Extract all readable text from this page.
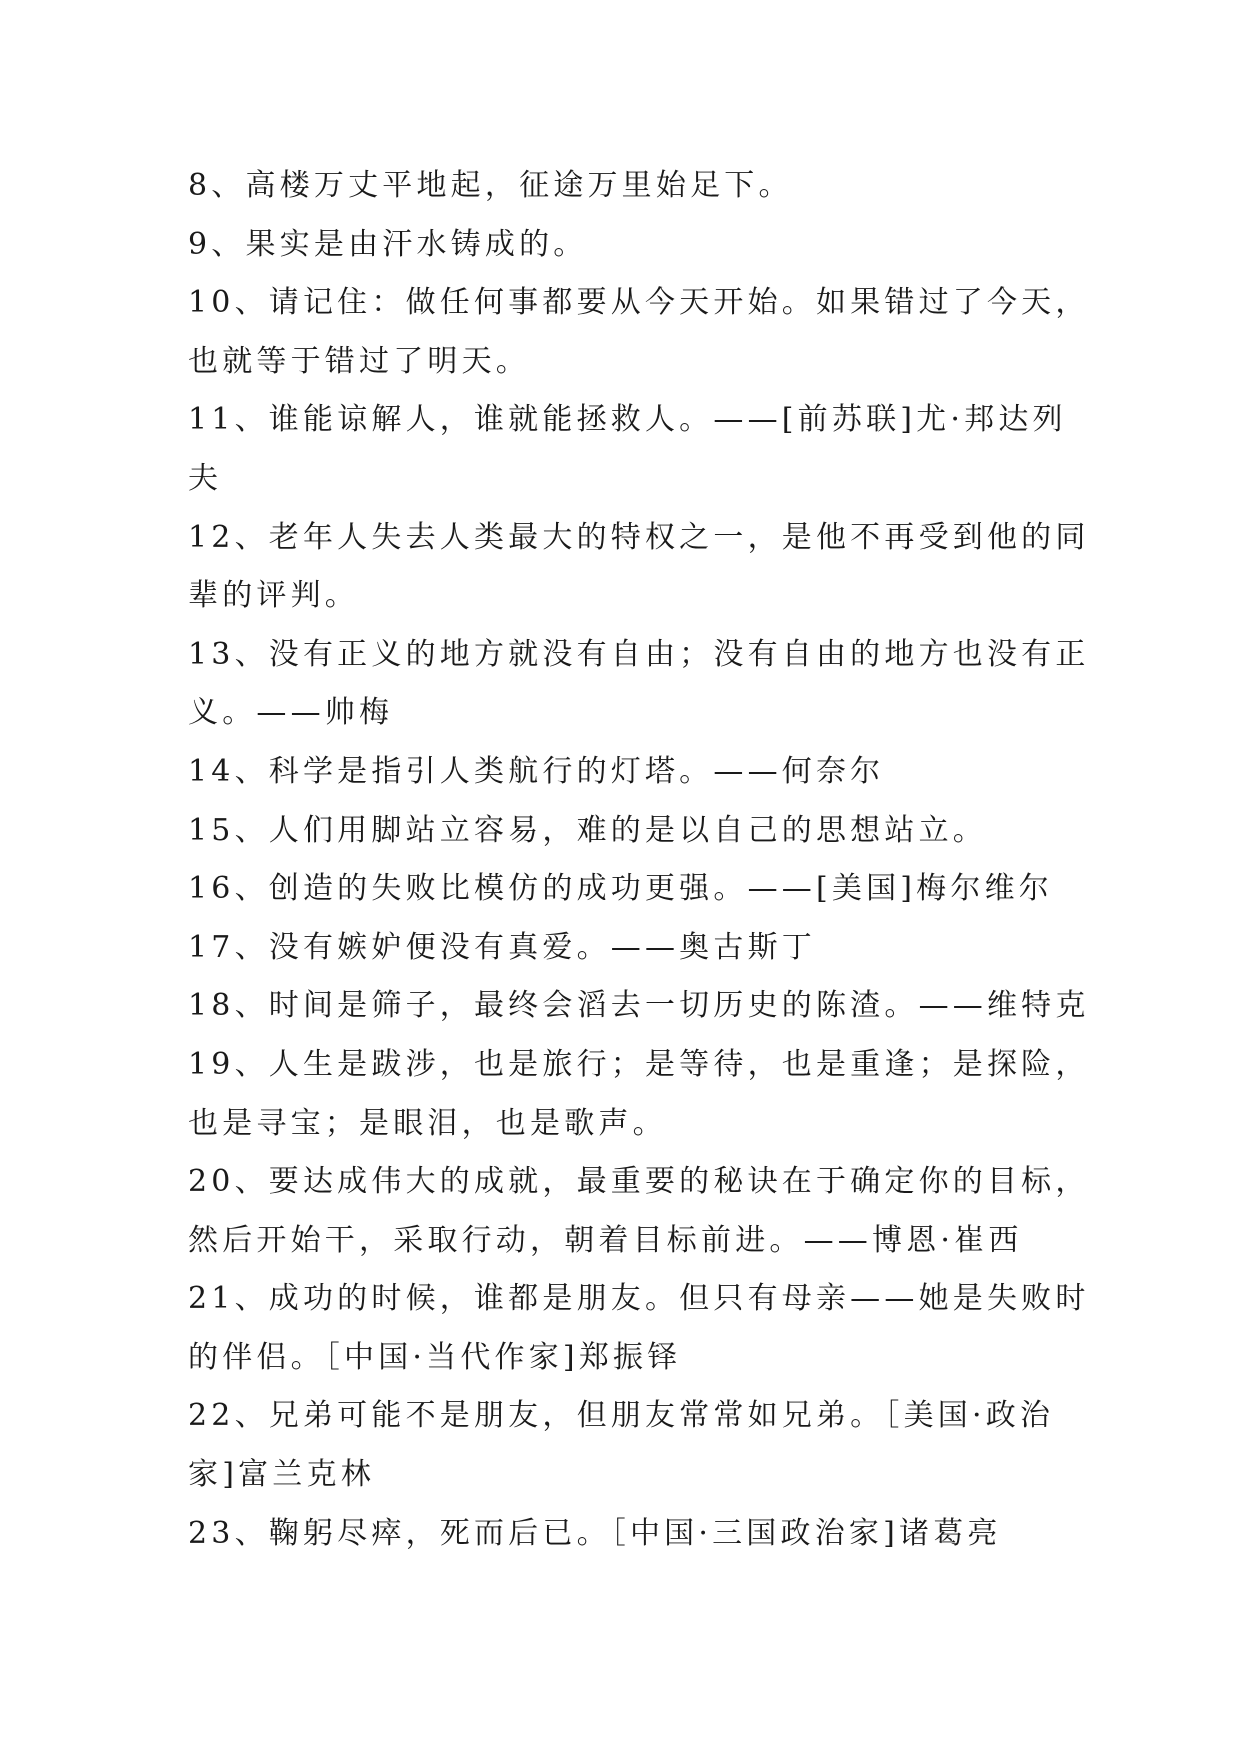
8、高楼万丈平地起，征途万里始足下。
9、果实是由汗水铸成的。
10、请记住：做任何事都要从今天开始。如果错过了今天，
也就等于错过了明天。
11、谁能谅解人，谁就能拯救人。——[前苏联]尤·邦达列
夫
12、老年人失去人类最大的特权之一，是他不再受到他的同
辈的评判。
13、没有正义的地方就没有自由；没有自由的地方也没有正
义。——帅梅
14、科学是指引人类航行的灯塔。——何奈尔
15、人们用脚站立容易，难的是以自己的思想站立。
16、创造的失败比模仿的成功更强。——[美国]梅尔维尔
17、没有嫉妒便没有真爱。——奥古斯丁
18、时间是筛子，最终会滔去一切历史的陈渣。——维特克
19、人生是跋涉，也是旅行；是等待，也是重逢；是探险，
也是寻宝；是眼泪，也是歌声。
20、要达成伟大的成就，最重要的秘诀在于确定你的目标，
然后开始干，采取行动，朝着目标前进。——博恩·崔西
21、成功的时候，谁都是朋友。但只有母亲——她是失败时
的伴侣。［中国·当代作家]郑振铎
22、兄弟可能不是朋友，但朋友常常如兄弟。［美国·政治
家]富兰克林
23、鞠躬尽瘁，死而后已。［中国·三国政治家]诸葛亮
